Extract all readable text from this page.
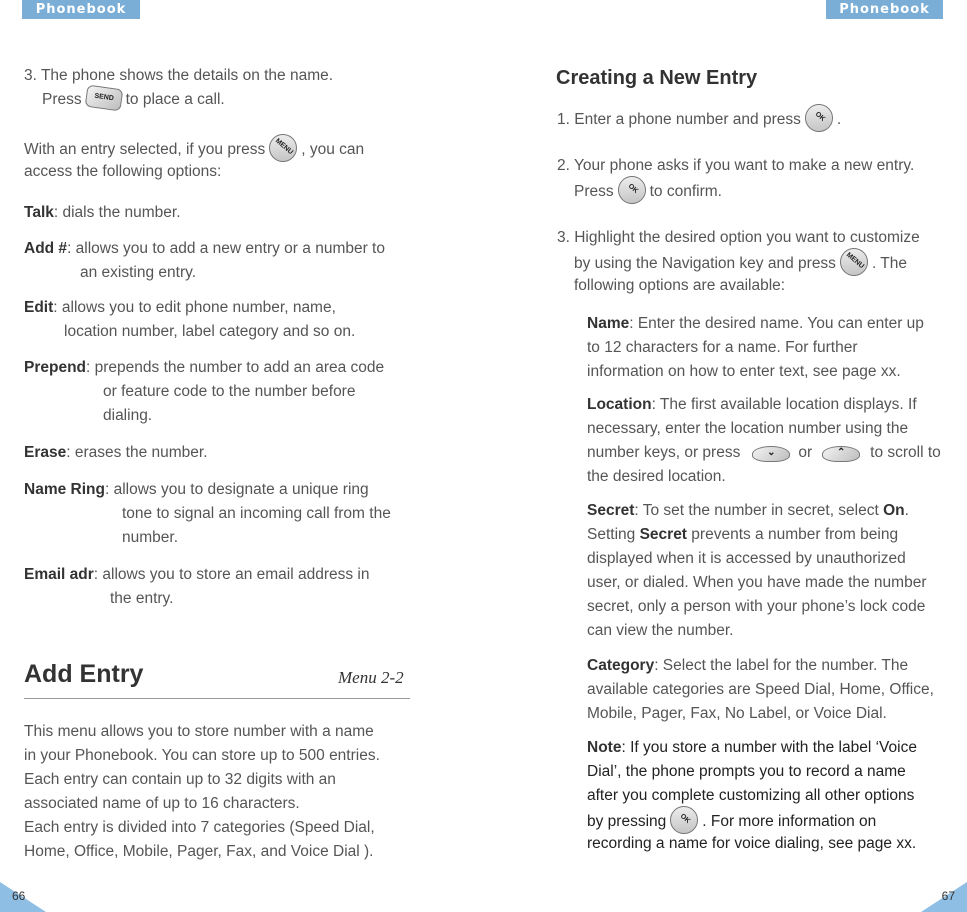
Phonebook	Phonebook

3. The phone shows the details on the name.

Press	SEND to place a call.

With an entry selected, if you press	MENU , you can

access the following options:

Talk: dials the number.

Add #: allows you to add a new entry or a number to

an existing entry.

Edit: allows you to edit phone number, name,

location number, label category and so on.

Prepend: prepends the number to add an area code

or feature code to the number before

dialing.

Erase: erases the number.

Name Ring: allows you to designate a unique ring

tone to signal an incoming call from the

number.

Email adr: allows you to store an email address in

the entry.

Add Entry	Menu 2-2

This menu allows you to store number with a name

in your Phonebook. You can store up to 500 entries.

Each entry can contain up to 32 digits with an

associated name of up to 16 characters.

Each entry is divided into 7 categories (Speed Dial,

Home, Office, Mobile, Pager, Fax, and Voice Dial ).

Creating a New Entry

1. Enter a phone number and press	OK .

2. Your phone asks if you want to make a new entry.

Press	OK to confirm.

3. Highlight the desired option you want to customize

by using the Navigation key and press	MENU . The

following options are available:

Name: Enter the desired name. You can enter up

to 12 characters for a name. For further

information on how to enter text, see page xx.

Location: The first available location displays. If

necessary, enter the location number using the

number keys, or press	⌄	or	⌃	to scroll to

the desired location.

Secret: To set the number in secret, select On.

Setting Secret prevents a number from being

displayed when it is accessed by unauthorized

user, or dialed. When you have made the number

secret, only a person with your phone’s lock code

can view the number.

Category: Select the label for the number. The

available categories are Speed Dial, Home, Office,

Mobile, Pager, Fax, No Label, or Voice Dial.

Note: If you store a number with the label ‘Voice

Dial’, the phone prompts you to record a name

after you complete customizing all other options

by pressing	OK . For more information on

recording a name for voice dialing, see page xx.

66	67
